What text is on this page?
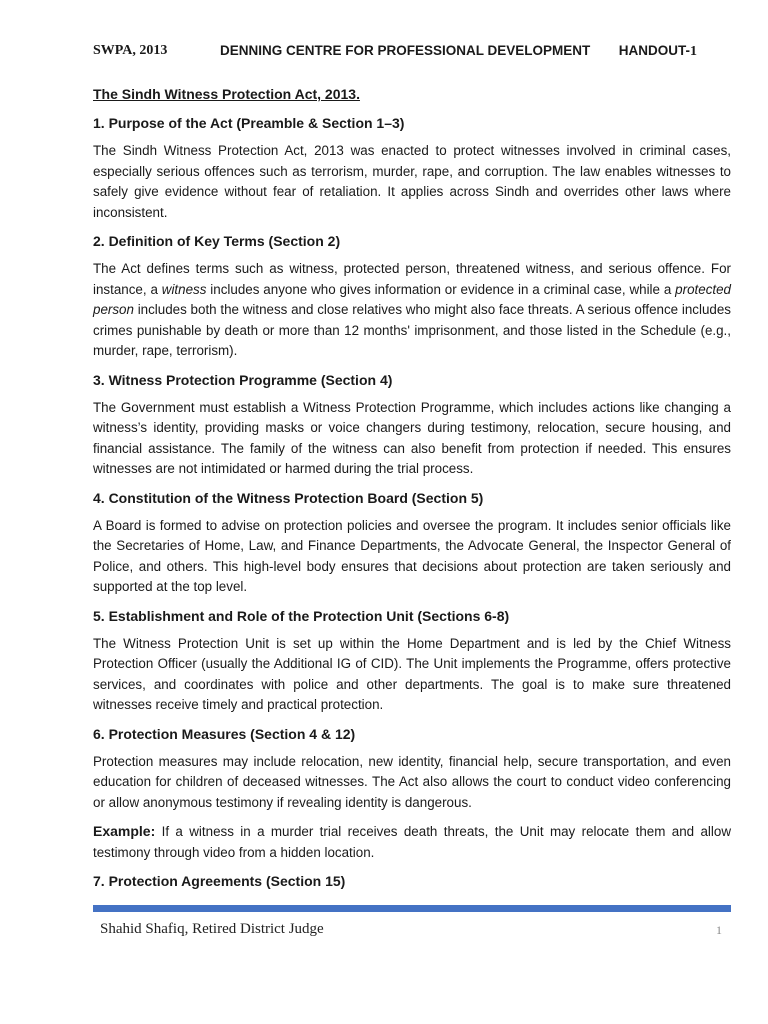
SWPA, 2013	DENNING CENTRE FOR PROFESSIONAL DEVELOPMENT HANDOUT-1
The Sindh Witness Protection Act, 2013.
1. Purpose of the Act (Preamble & Section 1–3)

The Sindh Witness Protection Act, 2013 was enacted to protect witnesses involved in criminal cases, especially serious offences such as terrorism, murder, rape, and corruption. The law enables witnesses to safely give evidence without fear of retaliation. It applies across Sindh and overrides other laws where inconsistent.

2. Definition of Key Terms (Section 2)

The Act defines terms such as witness, protected person, threatened witness, and serious offence. For instance, a witness includes anyone who gives information or evidence in a criminal case, while a protected person includes both the witness and close relatives who might also face threats. A serious offence includes crimes punishable by death or more than 12 months' imprisonment, and those listed in the Schedule (e.g., murder, rape, terrorism).

3. Witness Protection Programme (Section 4)

The Government must establish a Witness Protection Programme, which includes actions like changing a witness’s identity, providing masks or voice changers during testimony, relocation, secure housing, and financial assistance. The family of the witness can also benefit from protection if needed. This ensures witnesses are not intimidated or harmed during the trial process.

4. Constitution of the Witness Protection Board (Section 5)

A Board is formed to advise on protection policies and oversee the program. It includes senior officials like the Secretaries of Home, Law, and Finance Departments, the Advocate General, the Inspector General of Police, and others. This high-level body ensures that decisions about protection are taken seriously and supported at the top level.

5. Establishment and Role of the Protection Unit (Sections 6-8)

The Witness Protection Unit is set up within the Home Department and is led by the Chief Witness Protection Officer (usually the Additional IG of CID). The Unit implements the Programme, offers protective services, and coordinates with police and other departments. The goal is to make sure threatened witnesses receive timely and practical protection.

6. Protection Measures (Section 4 & 12)

Protection measures may include relocation, new identity, financial help, secure transportation, and even education for children of deceased witnesses. The Act also allows the court to conduct video conferencing or allow anonymous testimony if revealing identity is dangerous.

Example: If a witness in a murder trial receives death threats, the Unit may relocate them and allow testimony through video from a hidden location.

7. Protection Agreements (Section 15)
Shahid Shafiq, Retired District Judge	1
